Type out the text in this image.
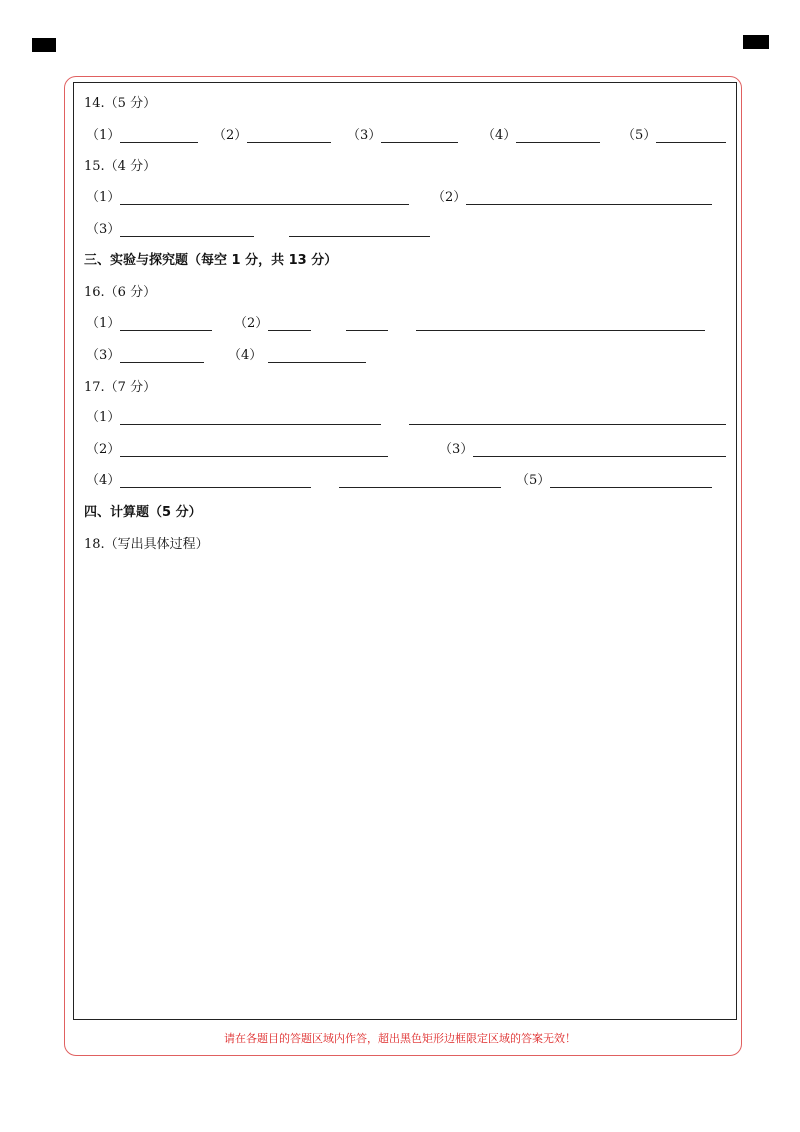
14.（5 分）
（1）	（2）	（3）	（4）	（5）
15.（4 分）
（1）	（2）
（3）
三、实验与探究题（每空 1 分，共 13 分）
16.（6 分）
（1）	（2）
（3）	（4）
17.（7 分）
（1）
（2）	（3）
（4）	（5）
四、计算题（5 分）
18.（写出具体过程）
请在各题目的答题区域内作答，超出黑色矩形边框限定区域的答案无效！
